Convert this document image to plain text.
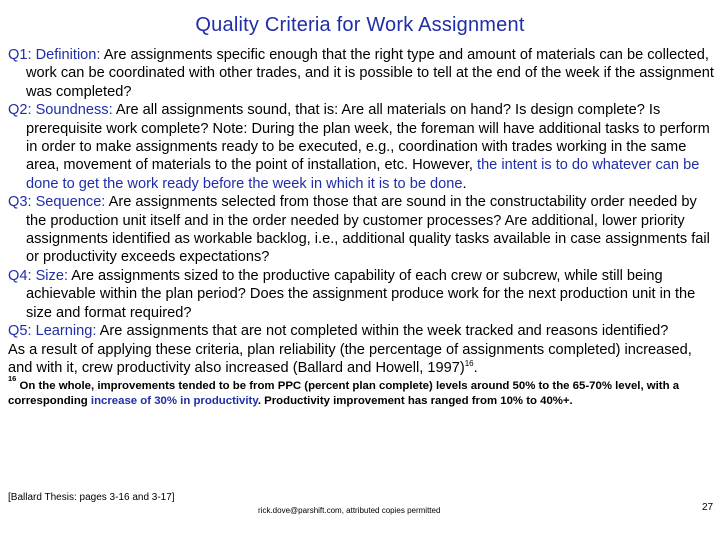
Quality Criteria for Work Assignment

Q1: Definition: Are assignments specific enough that the right type and amount of materials can be collected, work can be coordinated with other trades, and it is possible to tell at the end of the week if the assignment was completed?

Q2: Soundness: Are all assignments sound, that is: Are all materials on hand? Is design complete? Is prerequisite work complete? Note: During the plan week, the foreman will have additional tasks to perform in order to make assignments ready to be executed, e.g., coordination with trades working in the same area, movement of materials to the point of installation, etc. However, the intent is to do whatever can be done to get the work ready before the week in which it is to be done.

Q3: Sequence: Are assignments selected from those that are sound in the constructability order needed by the production unit itself and in the order needed by customer processes? Are additional, lower priority assignments identified as workable backlog, i.e., additional quality tasks available in case assignments fail or productivity exceeds expectations?

Q4: Size: Are assignments sized to the productive capability of each crew or subcrew, while still being achievable within the plan period? Does the assignment produce work for the next production unit in the size and format required?

Q5: Learning: Are assignments that are not completed within the week tracked and reasons identified?

As a result of applying these criteria, plan reliability (the percentage of assignments completed) increased, and with it, crew productivity also increased (Ballard and Howell, 1997)$^{16}$.

$^{16}$ On the whole, improvements tended to be from PPC (percent plan complete) levels around 50% to the 65-70% level, with a corresponding increase of 30% in productivity. Productivity improvement has ranged from 10% to 40%+.
[Ballard Thesis: pages 3-16 and 3-17]
rick.dove@parshift.com, attributed copies permitted	27
